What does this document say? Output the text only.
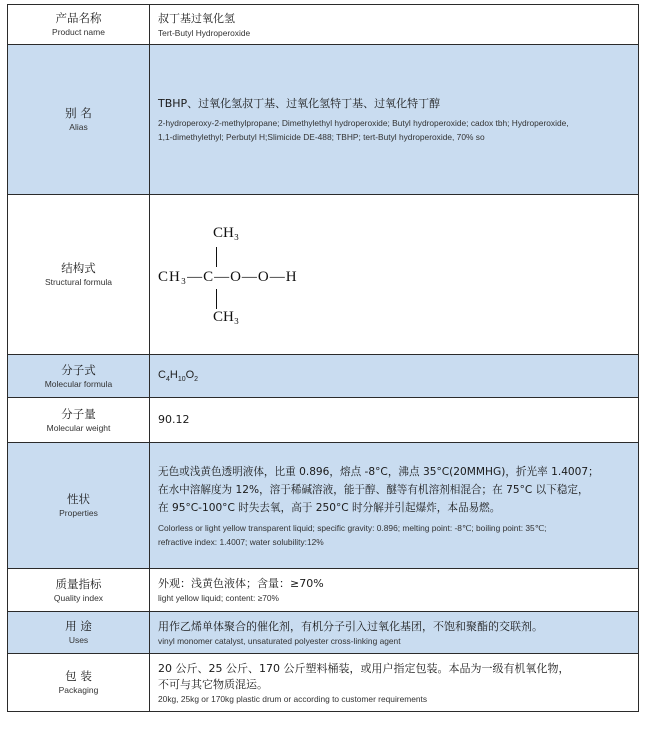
产品名称
Product name
叔丁基过氧化氢
Tert-Butyl Hydroperoxide
别 名
Alias
TBHP、过氧化氢叔丁基、过氧化氢特丁基、过氧化特丁醇
2-hydroperoxy-2-methylpropane; Dimethylethyl hydroperoxide; Butyl hydroperoxide; cadox tbh; Hydroperoxide,
1,1-dimethylethyl; Perbutyl H;Slimicide DE-488; TBHP; tert-Butyl hydroperoxide, 70% so
结构式
Structural formula
CH₃
CH₃—C—O—O—H
CH₃
分子式
Molecular formula
$C_4H_{10}O_2$
分子量
Molecular weight
90.12
性状
Properties
无色或浅黄色透明液体，比重 0.896，熔点 -8°C，沸点 35°C(20MMHG)，折光率 1.4007；
在水中溶解度为 12%，溶于稀碱溶液，能于醇、醚等有机溶剂相混合；在 75°C 以下稳定，
在 95°C-100°C 时失去氧，高于 250°C 时分解并引起爆炸，本品易燃。
Colorless or light yellow transparent liquid; specific gravity: 0.896; melting point: -8℃; boiling point: 35℃;
refractive index: 1.4007; water solubility:12%
质量指标
Quality index
外观：浅黄色液体；含量：≥70%
light yellow liquid; content: ≥70%
用 途
Uses
用作乙烯单体聚合的催化剂，有机分子引入过氧化基团，不饱和聚酯的交联剂。
vinyl monomer catalyst, unsaturated polyester cross-linking agent
包 装
Packaging
20 公斤、25 公斤、170 公斤塑料桶装，或用户指定包装。本品为一级有机氧化物，
不可与其它物质混运。
20kg, 25kg or 170kg plastic drum or according to customer requirements
